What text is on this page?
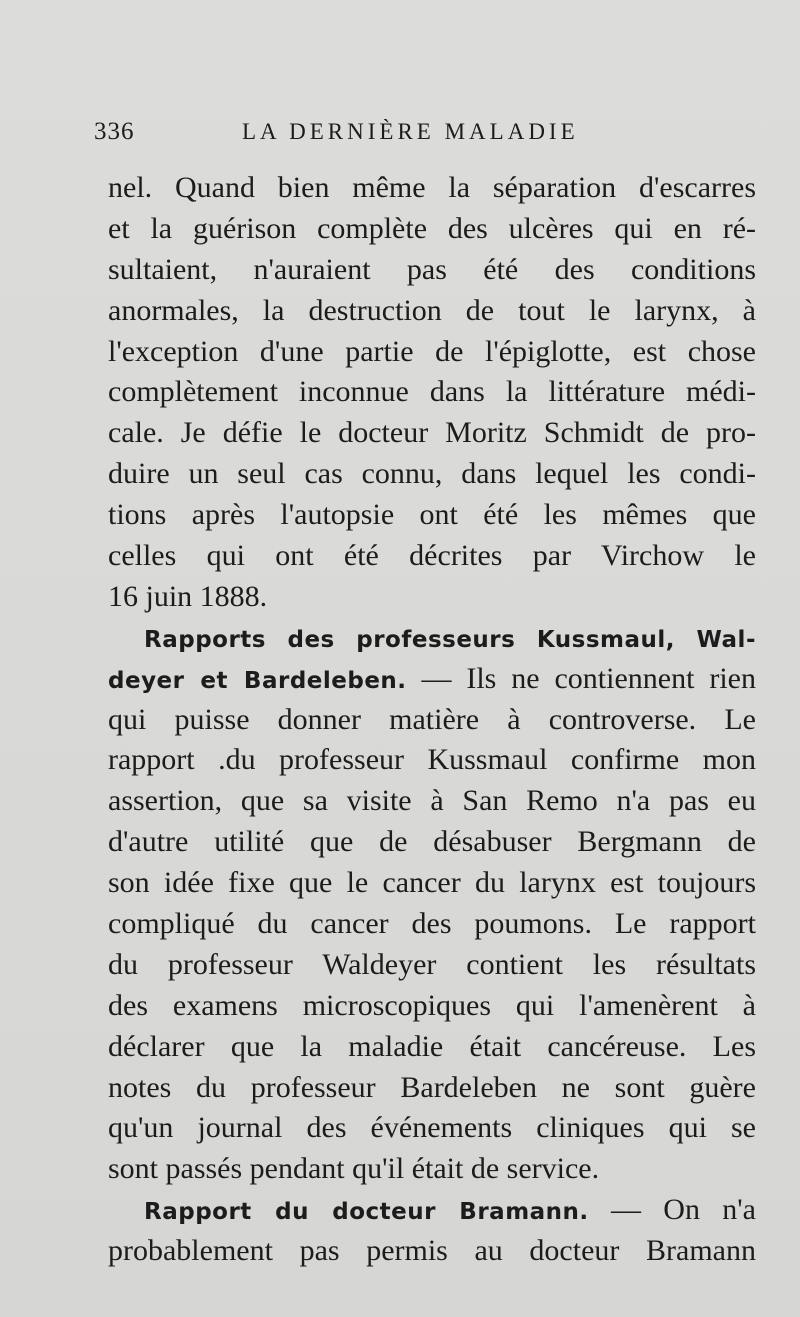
336	LA DERNIÈRE MALADIE
nel. Quand bien même la séparation d'escarres
et la guérison complète des ulcères qui en ré-
sultaient, n'auraient pas été des conditions
anormales, la destruction de tout le larynx, à
l'exception d'une partie de l'épiglotte, est chose
complètement inconnue dans la littérature médi-
cale. Je défie le docteur Moritz Schmidt de pro-
duire un seul cas connu, dans lequel les condi-
tions après l'autopsie ont été les mêmes que
celles qui ont été décrites par Virchow le
16 juin 1888.
Rapports des professeurs Kussmaul, Wal-
deyer et Bardeleben. — Ils ne contiennent rien
qui puisse donner matière à controverse. Le
rapport .du professeur Kussmaul confirme mon
assertion, que sa visite à San Remo n'a pas eu
d'autre utilité que de désabuser Bergmann de
son idée fixe que le cancer du larynx est toujours
compliqué du cancer des poumons. Le rapport
du professeur Waldeyer contient les résultats
des examens microscopiques qui l'amenèrent à
déclarer que la maladie était cancéreuse. Les
notes du professeur Bardeleben ne sont guère
qu'un journal des événements cliniques qui se
sont passés pendant qu'il était de service.
Rapport du docteur Bramann. — On n'a
probablement pas permis au docteur Bramann
